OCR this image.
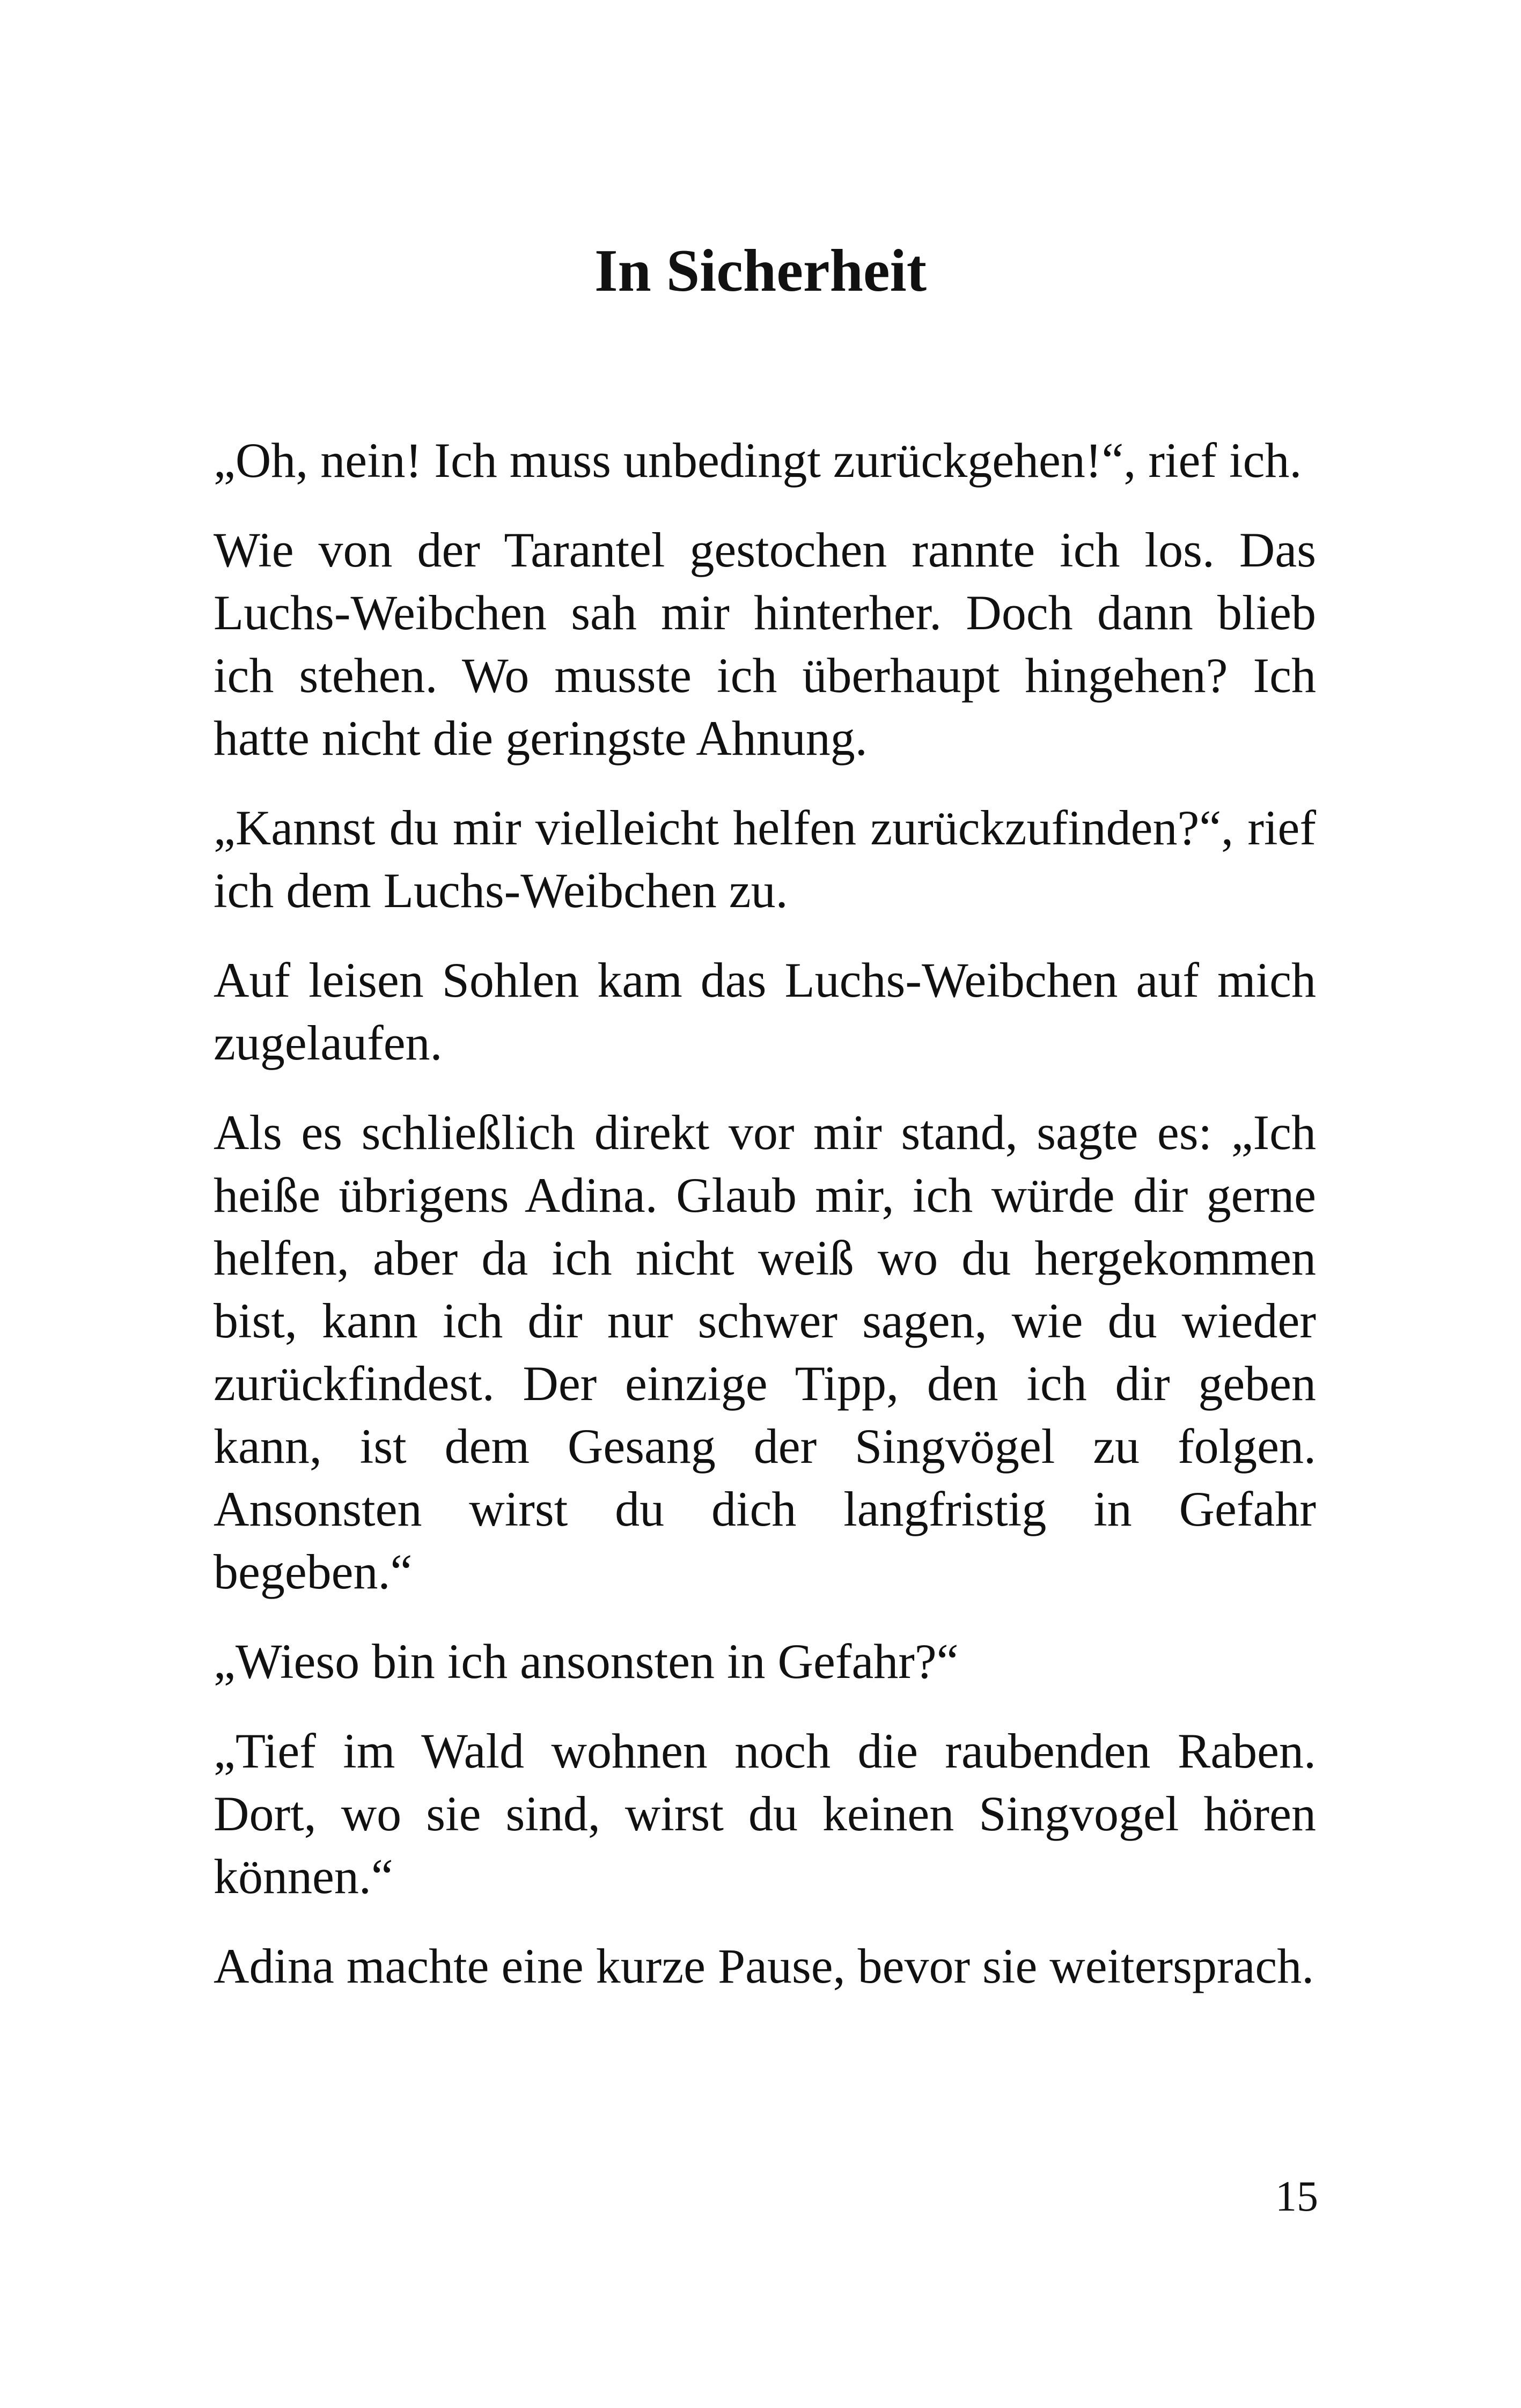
In Sicherheit

„Oh, nein! Ich muss unbedingt zurückgehen!“, rief ich.

Wie von der Tarantel gestochen rannte ich los. Das Luchs-Weibchen sah mir hinterher. Doch dann blieb ich stehen. Wo musste ich überhaupt hingehen? Ich hatte nicht die geringste Ahnung.

„Kannst du mir vielleicht helfen zurückzufinden?“, rief ich dem Luchs-Weibchen zu.

Auf leisen Sohlen kam das Luchs-Weibchen auf mich zugelaufen.

Als es schließlich direkt vor mir stand, sagte es: „Ich heiße übrigens Adina. Glaub mir, ich würde dir gerne helfen, aber da ich nicht weiß wo du hergekommen bist, kann ich dir nur schwer sagen, wie du wieder zurückfindest. Der einzige Tipp, den ich dir geben kann, ist dem Gesang der Singvögel zu folgen. Ansonsten wirst du dich langfristig in Gefahr begeben.“

„Wieso bin ich ansonsten in Gefahr?“

„Tief im Wald wohnen noch die raubenden Raben. Dort, wo sie sind, wirst du keinen Singvogel hören können.“

Adina machte eine kurze Pause, bevor sie weitersprach.

15
